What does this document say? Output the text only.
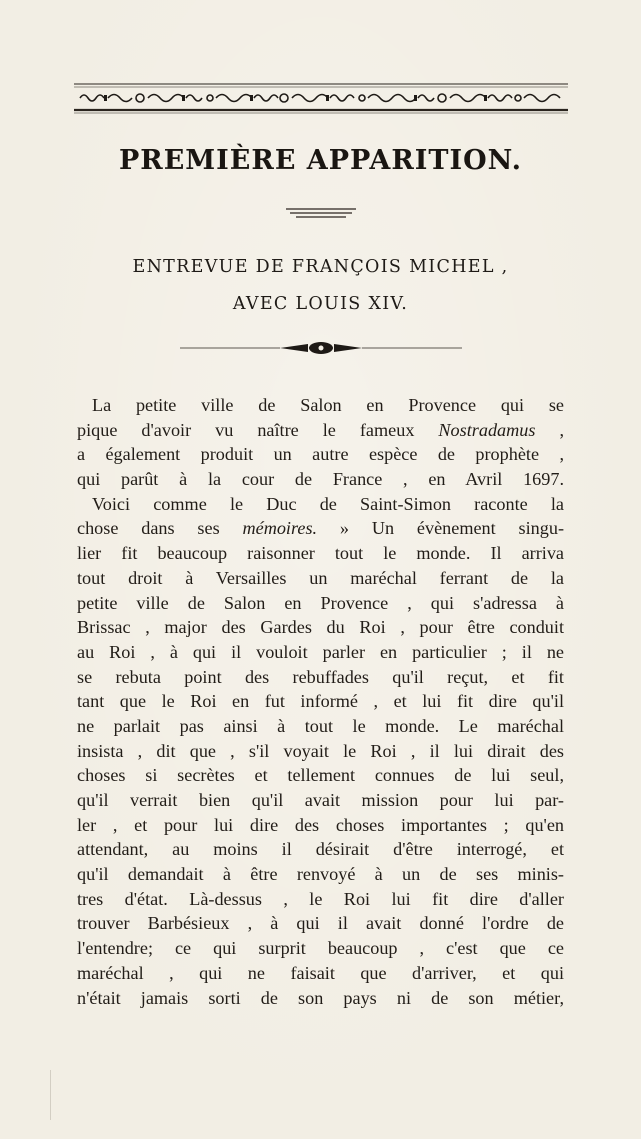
PREMIÈRE APPARITION.
ENTREVUE DE FRANÇOIS MICHEL ,
AVEC LOUIS XIV.
La petite ville de Salon en Provence qui se
pique d'avoir vu naître le fameux Nostradamus ,
a également produit un autre espèce de prophète ,
qui parût à la cour de France , en Avril 1697.
Voici comme le Duc de Saint-Simon raconte la
chose dans ses mémoires. » Un évènement singu-
lier fit beaucoup raisonner tout le monde. Il arriva
tout droit à Versailles un maréchal ferrant de la
petite ville de Salon en Provence , qui s'adressa à
Brissac , major des Gardes du Roi , pour être conduit
au Roi , à qui il vouloit parler en particulier ; il ne
se rebuta point des rebuffades qu'il reçut, et fit
tant que le Roi en fut informé , et lui fit dire qu'il
ne parlait pas ainsi à tout le monde. Le maréchal
insista , dit que , s'il voyait le Roi , il lui dirait des
choses si secrètes et tellement connues de lui seul,
qu'il verrait bien qu'il avait mission pour lui par-
ler , et pour lui dire des choses importantes ; qu'en
attendant, au moins il désirait d'être interrogé, et
qu'il demandait à être renvoyé à un de ses minis-
tres d'état. Là-dessus , le Roi lui fit dire d'aller
trouver Barbésieux , à qui il avait donné l'ordre de
l'entendre; ce qui surprit beaucoup , c'est que ce
maréchal , qui ne faisait que d'arriver, et qui
n'était jamais sorti de son pays ni de son métier,
